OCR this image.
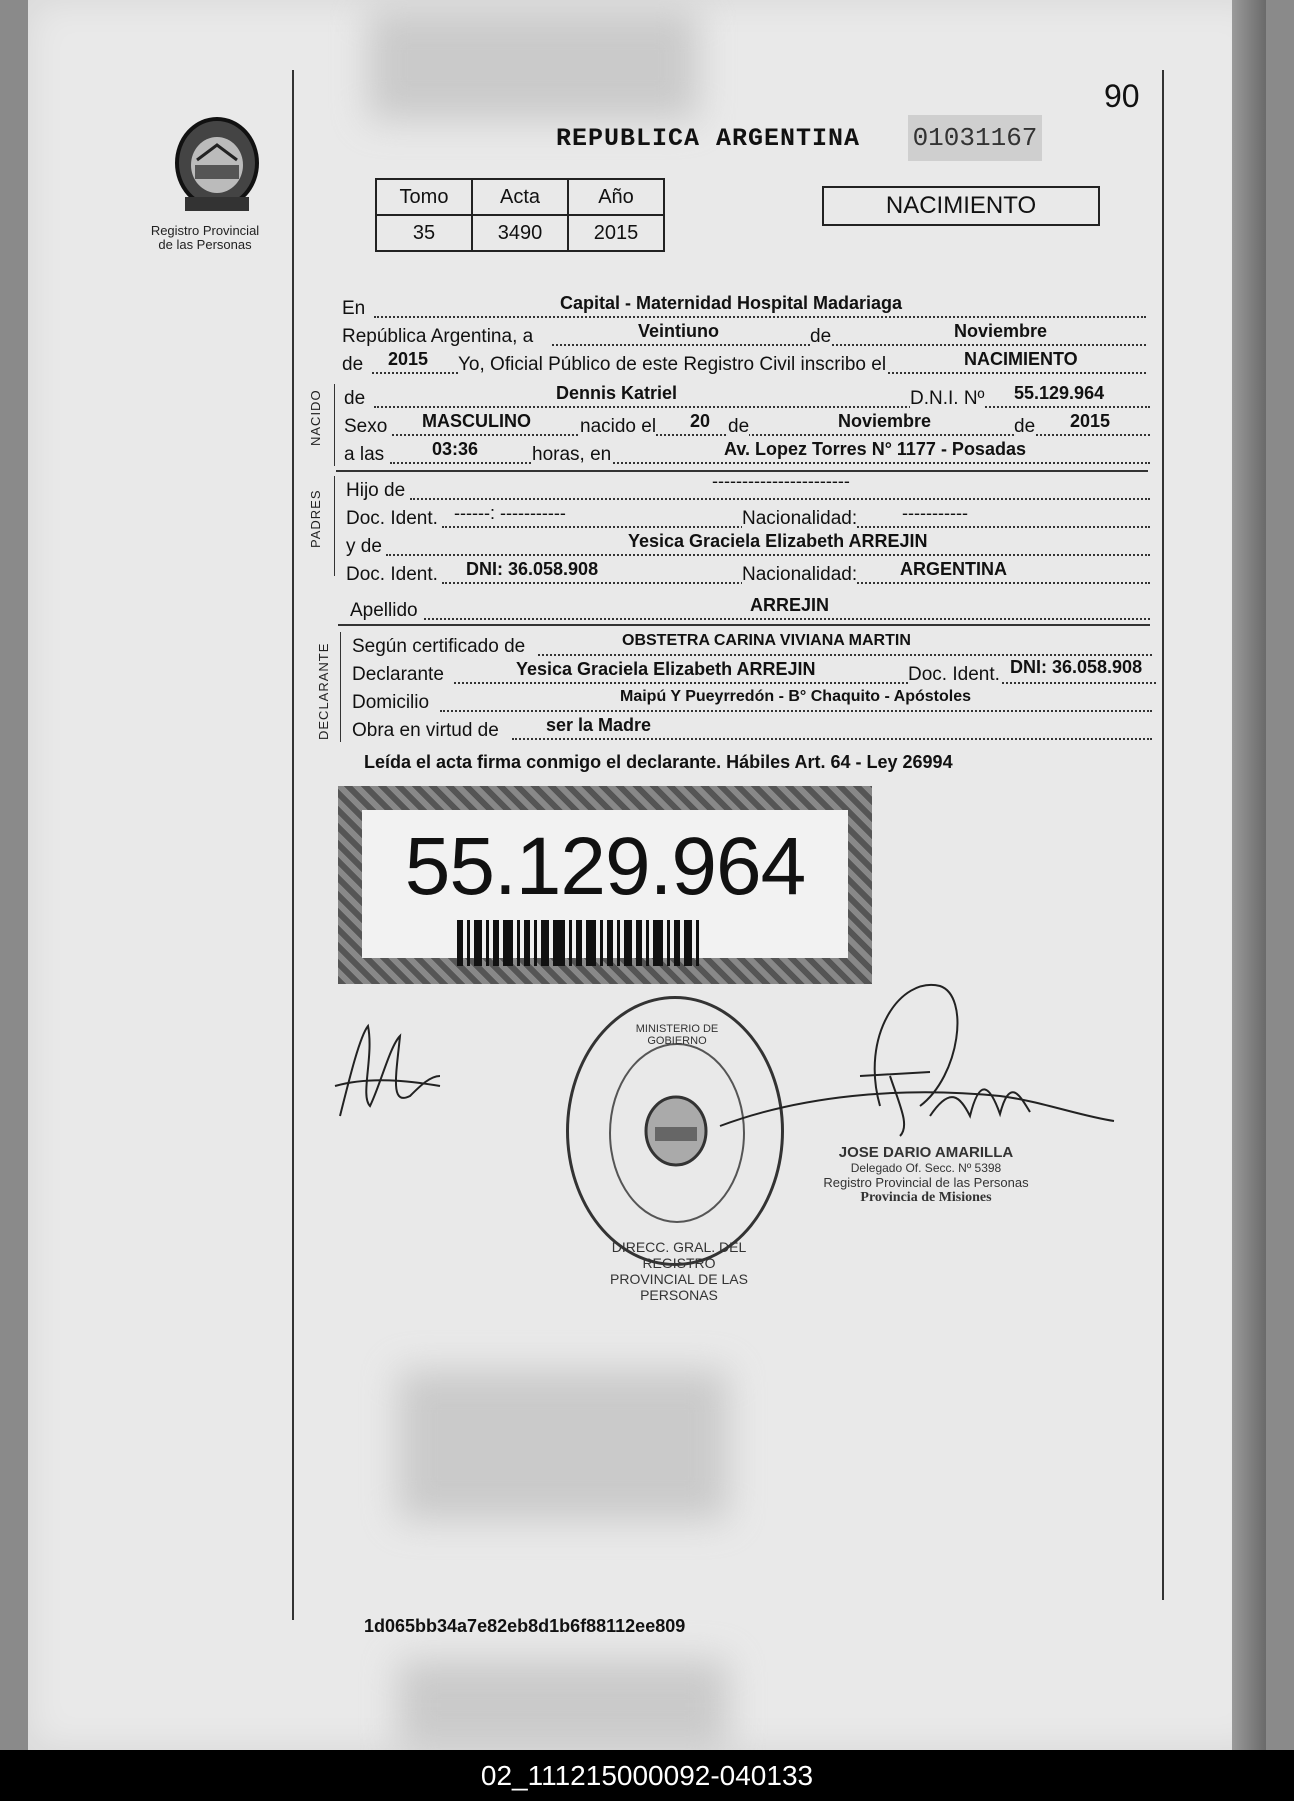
Registro Provincial
de las Personas
90
REPUBLICA ARGENTINA 01031167
Tomo	Acta	Año
35	3490	2015
NACIMIENTO
En	Capital - Maternidad Hospital Madariaga
República Argentina, a	Veintiuno	de	Noviembre
de 2015 Yo, Oficial Público de este Registro Civil inscribo el	NACIMIENTO
NACIDO de	Dennis Katriel	D.N.I. Nº 55.129.964
Sexo MASCULINO	nacido el 20 de	Noviembre	de 2015
a las	03:36	horas, en	Av. Lopez Torres N° 1177 - Posadas
PADRES Hijo de	-----------------------
Doc. Ident. ------: -----------	Nacionalidad: -----------
y de	Yesica Graciela Elizabeth ARREJIN
Doc. Ident. DNI: 36.058.908	Nacionalidad: ARGENTINA
Apellido	ARREJIN
DECLARANTE Según certificado de	OBSTETRA CARINA VIVIANA MARTIN
Declarante	Yesica Graciela Elizabeth ARREJIN	Doc. Ident. DNI: 36.058.908
Domicilio	Maipú Y Pueyrredón - B° Chaquito - Apóstoles
Obra en virtud de	ser la Madre
Leída el acta firma conmigo el declarante. Hábiles Art. 64 - Ley 26994
55.129.964
DIRECC. GRAL. DEL REGISTRO PROVINCIAL DE LAS PERSONAS
MINISTERIO DE GOBIERNO
JOSE DARIO AMARILLA
Delegado Of. Secc. Nº 5398
Registro Provincial de las Personas
Provincia de Misiones
1d065bb34a7e82eb8d1b6f88112ee809
02_111215000092-040133
